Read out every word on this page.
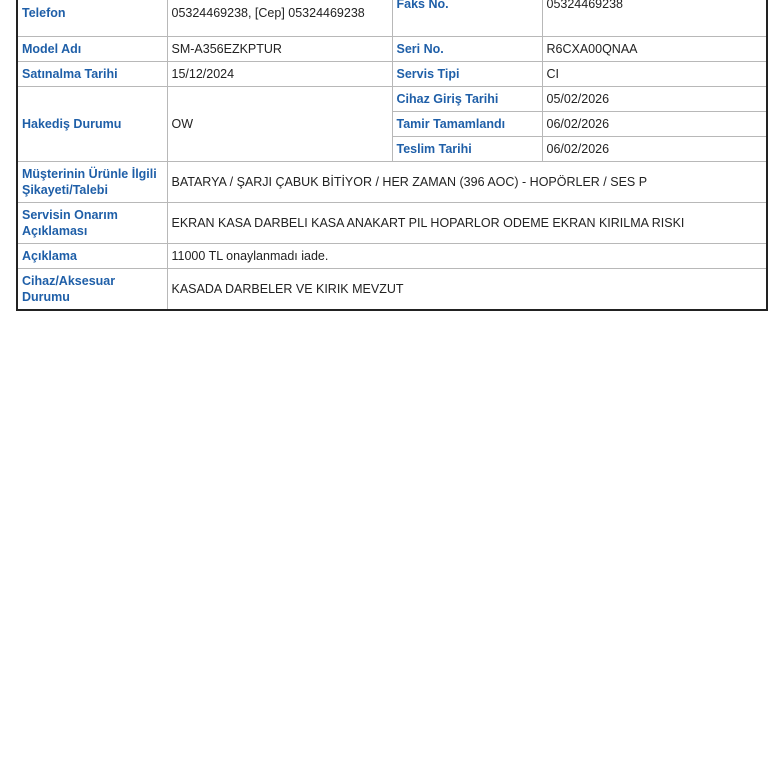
Telefon	05324469238, [Cep] 05324469238	Faks No.	05324469238
Model Adı	SM-A356EZKPTUR	Seri No.	R6CXA00QNAA
Satınalma Tarihi	15/12/2024	Servis Tipi	CI
Hakediş Durumu	OW	Cihaz Giriş Tarihi	05/02/2026
		Tamir Tamamlandı	06/02/2026
		Teslim Tarihi	06/02/2026

Müşterinin Ürünle İlgili
Şikayeti/Talebi	BATARYA / ŞARJI ÇABUK BİTİYOR / HER ZAMAN (396 AOC) - HOPÖRLER / SES P		

Servisin Onarım
Açıklaması	EKRAN KASA DARBELI KASA ANAKART PIL HOPARLOR ODEME EKRAN KIRILMA RISKI		
Açıklama	11000 TL onaylanmadı iade.		

Cihaz/Aksesuar
Durumu	KASADA DARBELER VE KIRIK MEVZUT		
